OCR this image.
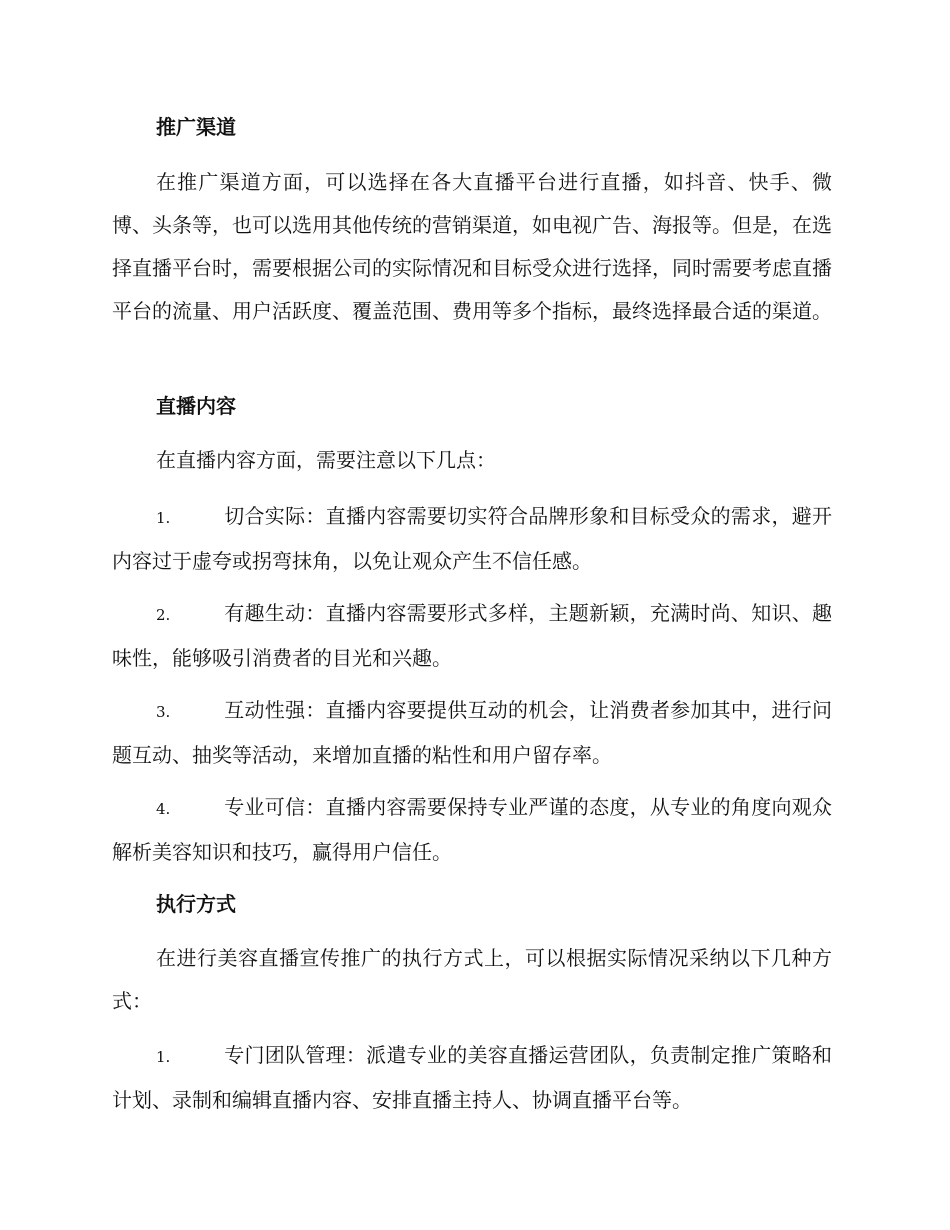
推广渠道

在推广渠道方面，可以选择在各大直播平台进行直播，如抖音、快手、微博、头条等，也可以选用其他传统的营销渠道，如电视广告、海报等。但是，在选择直播平台时，需要根据公司的实际情况和目标受众进行选择，同时需要考虑直播平台的流量、用户活跃度、覆盖范围、费用等多个指标，最终选择最合适的渠道。

直播内容

在直播内容方面，需要注意以下几点：

1.	切合实际：直播内容需要切实符合品牌形象和目标受众的需求，避开内容过于虚夸或拐弯抹角，以免让观众产生不信任感。
2.	有趣生动：直播内容需要形式多样，主题新颖，充满时尚、知识、趣味性，能够吸引消费者的目光和兴趣。
3.	互动性强：直播内容要提供互动的机会，让消费者参加其中，进行问题互动、抽奖等活动，来增加直播的粘性和用户留存率。
4.	专业可信：直播内容需要保持专业严谨的态度，从专业的角度向观众解析美容知识和技巧，赢得用户信任。
执行方式

在进行美容直播宣传推广的执行方式上，可以根据实际情况采纳以下几种方式：

1.	专门团队管理：派遣专业的美容直播运营团队，负责制定推广策略和计划、录制和编辑直播内容、安排直播主持人、协调直播平台等。
